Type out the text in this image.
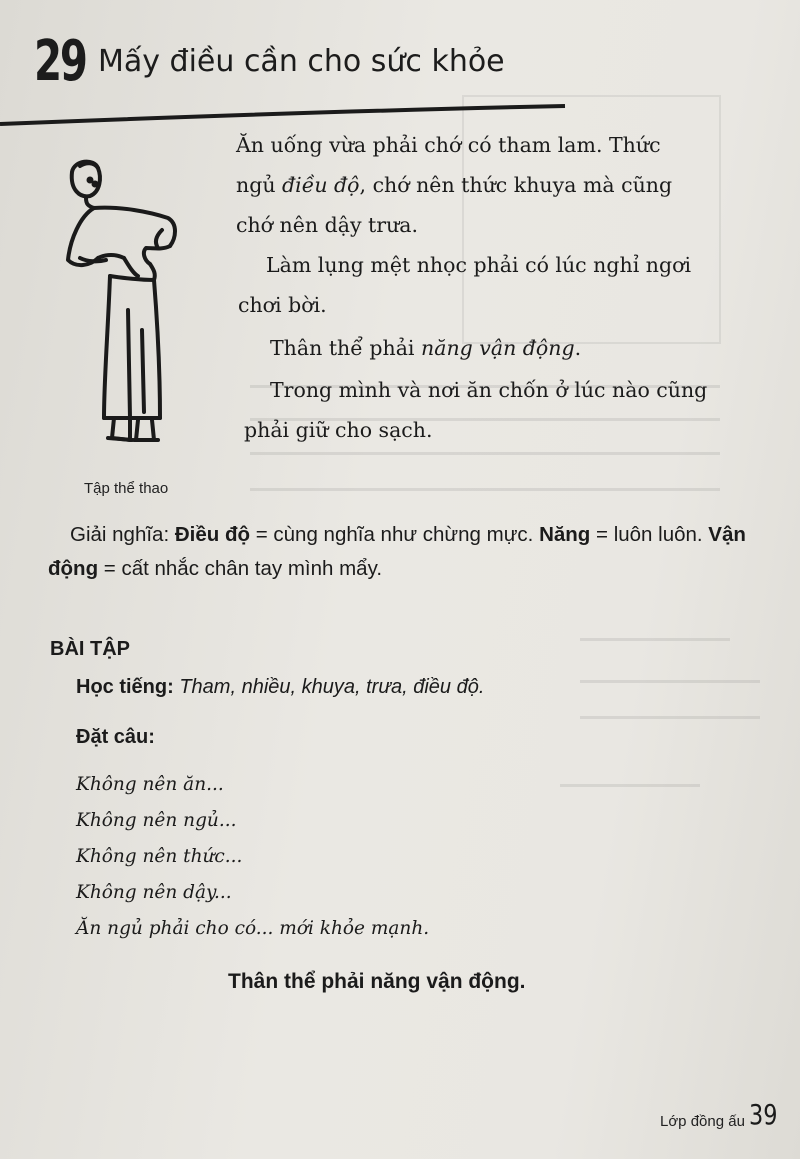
29 Mấy điều cần cho sức khỏe
Tập thể thao
Ăn uống vừa phải chớ có tham lam. Thức
ngủ điều độ, chớ nên thức khuya mà cũng
chớ nên dậy trưa.
Làm lụng mệt nhọc phải có lúc nghỉ ngơi
chơi bời.
Thân thể phải năng vận động.
Trong mình và nơi ăn chốn ở lúc nào cũng
phải giữ cho sạch.
Giải nghĩa: Điều độ = cùng nghĩa như chừng mực. Năng = luôn luôn. Vận động = cất nhắc chân tay mình mẩy.
BÀI TẬP
Học tiếng: Tham, nhiều, khuya, trưa, điều độ.
Đặt câu:
Không nên ăn...
Không nên ngủ...
Không nên thức...
Không nên dậy...
Ăn ngủ phải cho có... mới khỏe mạnh.
Thân thể phải năng vận động.
Lớp đồng ấu 39
